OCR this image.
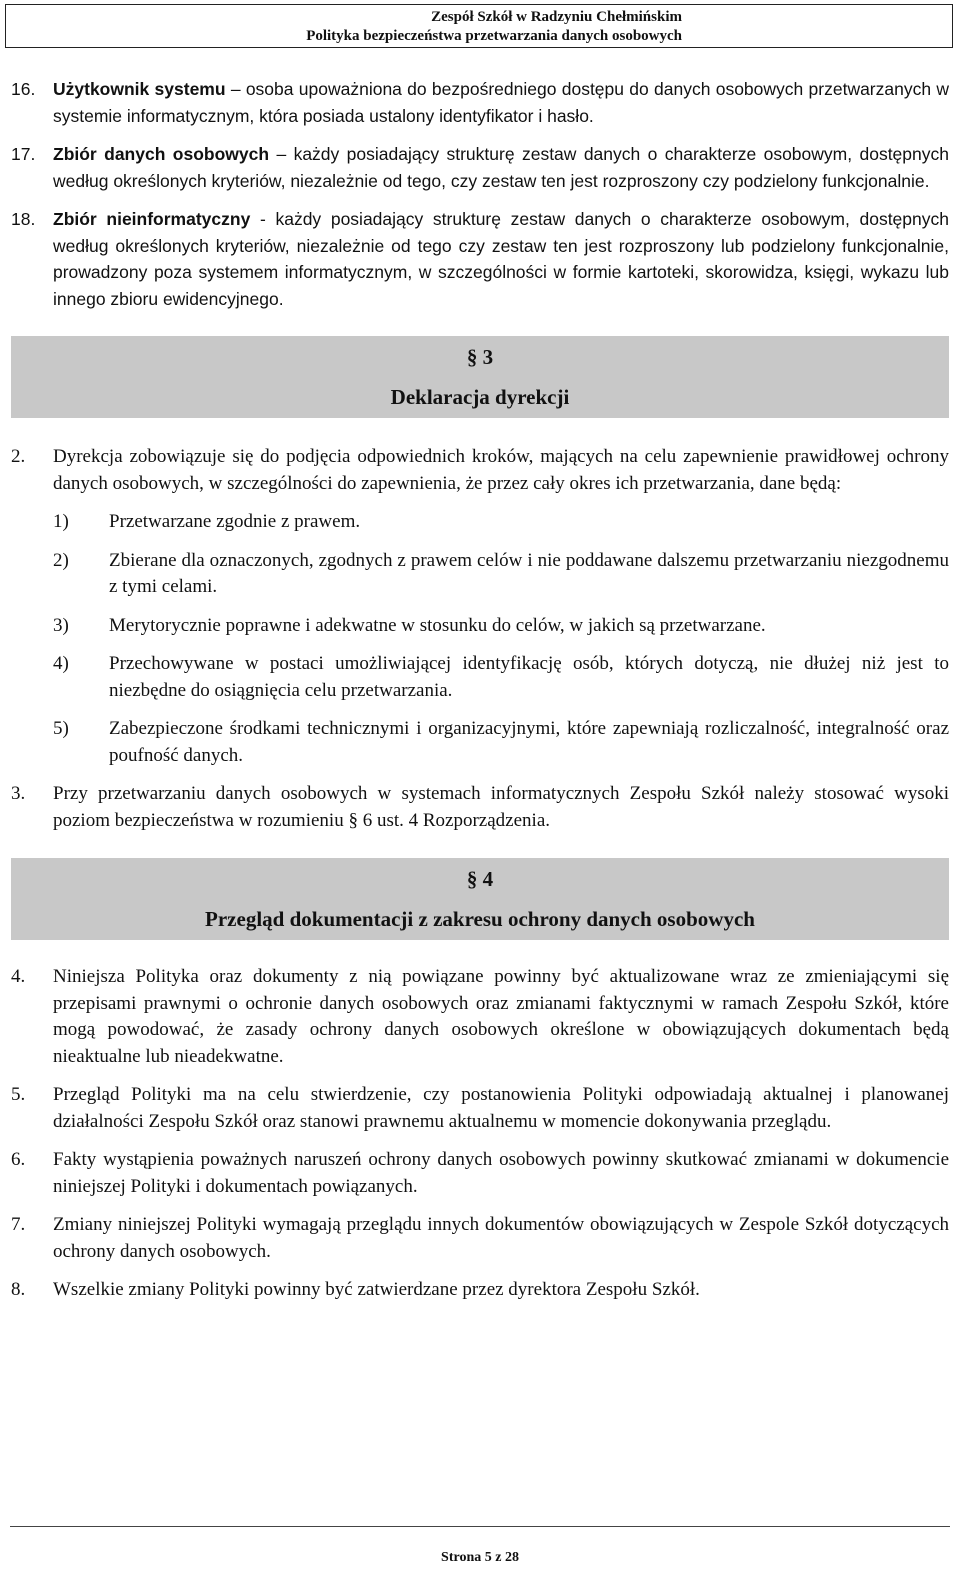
Zespół Szkół w Radzyniu Chełmińskim
Polityka bezpieczeństwa przetwarzania danych osobowych
16.	Użytkownik systemu – osoba upoważniona do bezpośredniego dostępu do danych osobowych przetwarzanych w systemie informatycznym, która posiada ustalony identyfikator i hasło.
17.	Zbiór danych osobowych – każdy posiadający strukturę zestaw danych o charakterze osobowym, dostępnych według określonych kryteriów, niezależnie od tego, czy zestaw ten jest rozproszony czy podzielony funkcjonalnie.
18.	Zbiór nieinformatyczny - każdy posiadający strukturę zestaw danych o charakterze osobowym, dostępnych według określonych kryteriów, niezależnie od tego czy zestaw ten jest rozproszony lub podzielony funkcjonalnie, prowadzony poza systemem informatycznym, w szczególności w formie kartoteki, skorowidza, księgi, wykazu lub innego zbioru ewidencyjnego.
§ 3
Deklaracja dyrekcji
2.	Dyrekcja zobowiązuje się do podjęcia odpowiednich kroków, mających na celu zapewnienie prawidłowej ochrony danych osobowych, w szczególności do zapewnienia, że przez cały okres ich przetwarzania, dane będą:
1)	Przetwarzane zgodnie z prawem.
2)	Zbierane dla oznaczonych, zgodnych z prawem celów i nie poddawane dalszemu przetwarzaniu niezgodnemu z tymi celami.
3)	Merytorycznie poprawne i adekwatne w stosunku do celów, w jakich są przetwarzane.
4)	Przechowywane w postaci umożliwiającej identyfikację osób, których dotyczą, nie dłużej niż jest to niezbędne do osiągnięcia celu przetwarzania.
5)	Zabezpieczone środkami technicznymi i organizacyjnymi, które zapewniają rozliczalność, integralność oraz poufność danych.
3.	Przy przetwarzaniu danych osobowych w systemach informatycznych Zespołu Szkół należy stosować wysoki poziom bezpieczeństwa w rozumieniu § 6 ust. 4 Rozporządzenia.
§ 4
Przegląd dokumentacji z zakresu ochrony danych osobowych
4.	Niniejsza Polityka oraz dokumenty z nią powiązane powinny być aktualizowane wraz ze zmieniającymi się przepisami prawnymi o ochronie danych osobowych oraz zmianami faktycznymi w ramach Zespołu Szkół, które mogą powodować, że zasady ochrony danych osobowych określone w obowiązujących dokumentach będą nieaktualne lub nieadekwatne.
5.	Przegląd Polityki ma na celu stwierdzenie, czy postanowienia Polityki odpowiadają aktualnej i planowanej działalności Zespołu Szkół oraz stanowi prawnemu aktualnemu w momencie dokonywania przeglądu.
6.	Fakty wystąpienia poważnych naruszeń ochrony danych osobowych powinny skutkować zmianami w dokumencie niniejszej Polityki i dokumentach powiązanych.
7.	Zmiany niniejszej Polityki wymagają przeglądu innych dokumentów obowiązujących w Zespole Szkół dotyczących ochrony danych osobowych.
8.	Wszelkie zmiany Polityki powinny być zatwierdzane przez dyrektora Zespołu Szkół.
Strona 5 z 28
